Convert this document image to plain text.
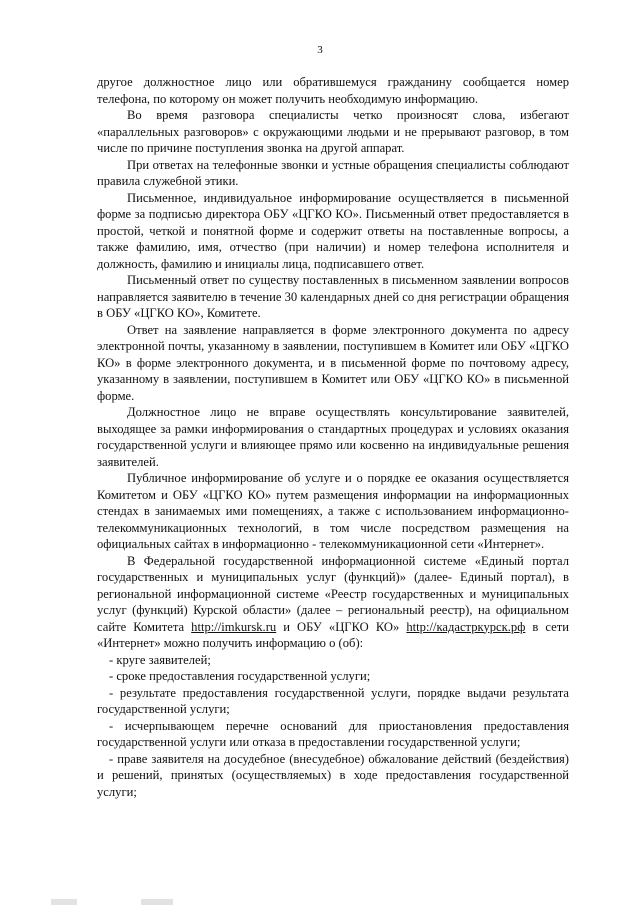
3

другое должностное лицо или обратившемуся гражданину сообщается номер телефона, по которому он может получить необходимую информацию.

Во время разговора специалисты четко произносят слова, избегают «параллельных разговоров» с окружающими людьми и не прерывают разговор, в том числе по причине поступления звонка на другой аппарат.

При ответах на телефонные звонки и устные обращения специалисты соблюдают правила служебной этики.

Письменное, индивидуальное информирование осуществляется в письменной форме за подписью директора ОБУ «ЦГКО КО». Письменный ответ предоставляется в простой, четкой и понятной форме и содержит ответы на поставленные вопросы, а также фамилию, имя, отчество (при наличии) и номер телефона исполнителя и должность, фамилию и инициалы лица, подписавшего ответ.

Письменный ответ по существу поставленных в письменном заявлении вопросов направляется заявителю в течение 30 календарных дней со дня регистрации обращения в ОБУ «ЦГКО КО», Комитете.

Ответ на заявление направляется в форме электронного документа по адресу электронной почты, указанному в заявлении, поступившем в Комитет или ОБУ «ЦГКО КО» в форме электронного документа, и в письменной форме по почтовому адресу, указанному в заявлении, поступившем в Комитет или ОБУ «ЦГКО КО» в письменной форме.

Должностное лицо не вправе осуществлять консультирование заявителей, выходящее за рамки информирования о стандартных процедурах и условиях оказания государственной услуги и влияющее прямо или косвенно на индивидуальные решения заявителей.

Публичное информирование об услуге и о порядке ее оказания осуществляется Комитетом и ОБУ «ЦГКО КО» путем размещения информации на информационных стендах в занимаемых ими помещениях, а также с использованием информационно-телекоммуникационных технологий, в том числе посредством размещения на официальных сайтах в информационно - телекоммуникационной сети «Интернет».

В Федеральной государственной информационной системе «Единый портал государственных и муниципальных услуг (функций)» (далее- Единый портал), в региональной информационной системе «Реестр государственных и муниципальных услуг (функций) Курской области» (далее – региональный реестр), на официальном сайте Комитета http://imkursk.ru и ОБУ «ЦГКО КО» http://кадастркурск.рф в сети «Интернет» можно получить информацию о (об):

- круге заявителей;

- сроке предоставления государственной услуги;

- результате предоставления государственной услуги, порядке выдачи результата государственной услуги;

- исчерпывающем перечне оснований для приостановления предоставления государственной услуги или отказа в предоставлении государственной услуги;

- праве заявителя на досудебное (внесудебное) обжалование действий (бездействия) и решений, принятых (осуществляемых) в ходе предоставления государственной услуги;
